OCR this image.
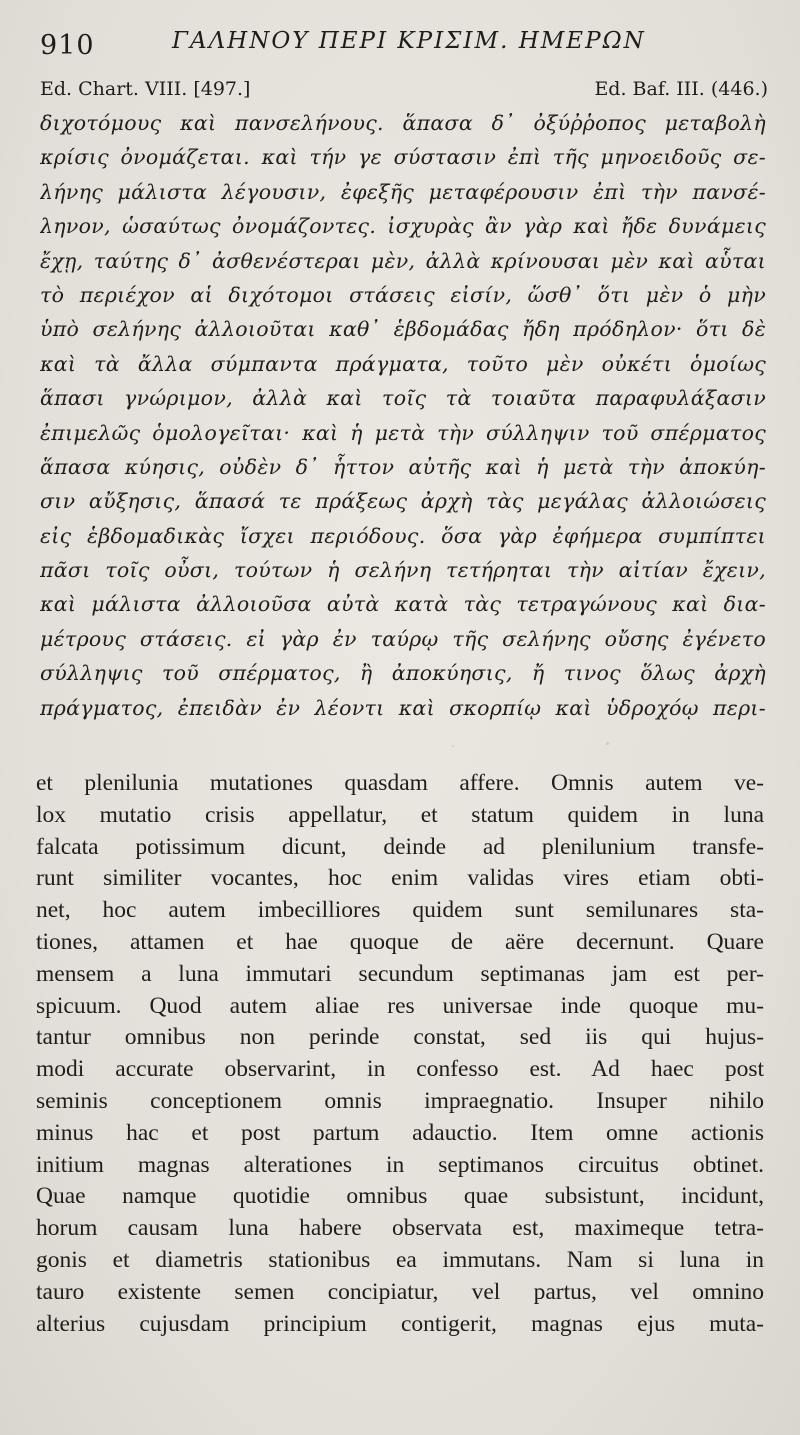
910	ΓΑΛΗΝΟΥ ΠΕΡΙ ΚΡΙΣΙΜ. ΗΜΕΡΩΝ
Ed. Chart. VIII. [497.]	Ed. Baf. III. (446.)
διχοτόμους καὶ πανσελήνους. ἅπασα δ᾽ ὀξύῤῥοπος μεταβολὴ
κρίσις ὀνομάζεται. καὶ τήν γε σύστασιν ἐπὶ τῆς μηνοειδοῦς σε-
λήνης μάλιστα λέγουσιν, ἐφεξῆς μεταφέρουσιν ἐπὶ τὴν πανσέ-
ληνον, ὡσαύτως ὀνομάζοντες. ἰσχυρὰς ἂν γὰρ καὶ ἤδε δυνάμεις
ἔχῃ, ταύτης δ᾽ ἀσθενέστεραι μὲν, ἀλλὰ κρίνουσαι μὲν καὶ αὗται
τὸ περιέχον αἱ διχότομοι στάσεις εἰσίν, ὥσθ᾽ ὅτι μὲν ὁ μὴν
ὑπὸ σελήνης ἀλλοιοῦται καθ᾽ ἑβδομάδας ἤδη πρόδηλον· ὅτι δὲ
καὶ τὰ ἄλλα σύμπαντα πράγματα, τοῦτο μὲν οὐκέτι ὁμοίως
ἅπασι γνώριμον, ἀλλὰ καὶ τοῖς τὰ τοιαῦτα παραφυλάξασιν
ἐπιμελῶς ὁμολογεῖται· καὶ ἡ μετὰ τὴν σύλληψιν τοῦ σπέρματος
ἅπασα κύησις, οὐδὲν δ᾽ ἧττον αὐτῆς καὶ ἡ μετὰ τὴν ἀποκύη-
σιν αὔξησις, ἅπασά τε πράξεως ἀρχὴ τὰς μεγάλας ἀλλοιώσεις
εἰς ἑβδομαδικὰς ἴσχει περιόδους. ὅσα γὰρ ἐφήμερα συμπίπτει
πᾶσι τοῖς οὖσι, τούτων ἡ σελήνη τετήρηται τὴν αἰτίαν ἔχειν,
καὶ μάλιστα ἀλλοιοῦσα αὐτὰ κατὰ τὰς τετραγώνους καὶ δια-
μέτρους στάσεις. εἰ γὰρ ἐν ταύρῳ τῆς σελήνης οὔσης ἐγένετο
σύλληψις τοῦ σπέρματος, ἢ ἀποκύησις, ἤ τινος ὅλως ἀρχὴ
πράγματος, ἐπειδὰν ἐν λέοντι καὶ σκορπίῳ καὶ ὑδροχόῳ περι-
et plenilunia mutationes quasdam affere. Omnis autem ve-
lox mutatio crisis appellatur, et statum quidem in luna
falcata potissimum dicunt, deinde ad plenilunium transfe-
runt similiter vocantes, hoc enim validas vires etiam obti-
net, hoc autem imbecilliores quidem sunt semilunares sta-
tiones, attamen et hae quoque de aëre decernunt. Quare
mensem a luna immutari secundum septimanas jam est per-
spicuum. Quod autem aliae res universae inde quoque mu-
tantur omnibus non perinde constat, sed iis qui hujus-
modi accurate observarint, in confesso est. Ad haec post
seminis conceptionem omnis impraegnatio. Insuper nihilo
minus hac et post partum adauctio. Item omne actionis
initium magnas alterationes in septimanos circuitus obtinet.
Quae namque quotidie omnibus quae subsistunt, incidunt,
horum causam luna habere observata est, maximeque tetra-
gonis et diametris stationibus ea immutans. Nam si luna in
tauro existente semen concipiatur, vel partus, vel omnino
alterius cujusdam principium contigerit, magnas ejus muta-
